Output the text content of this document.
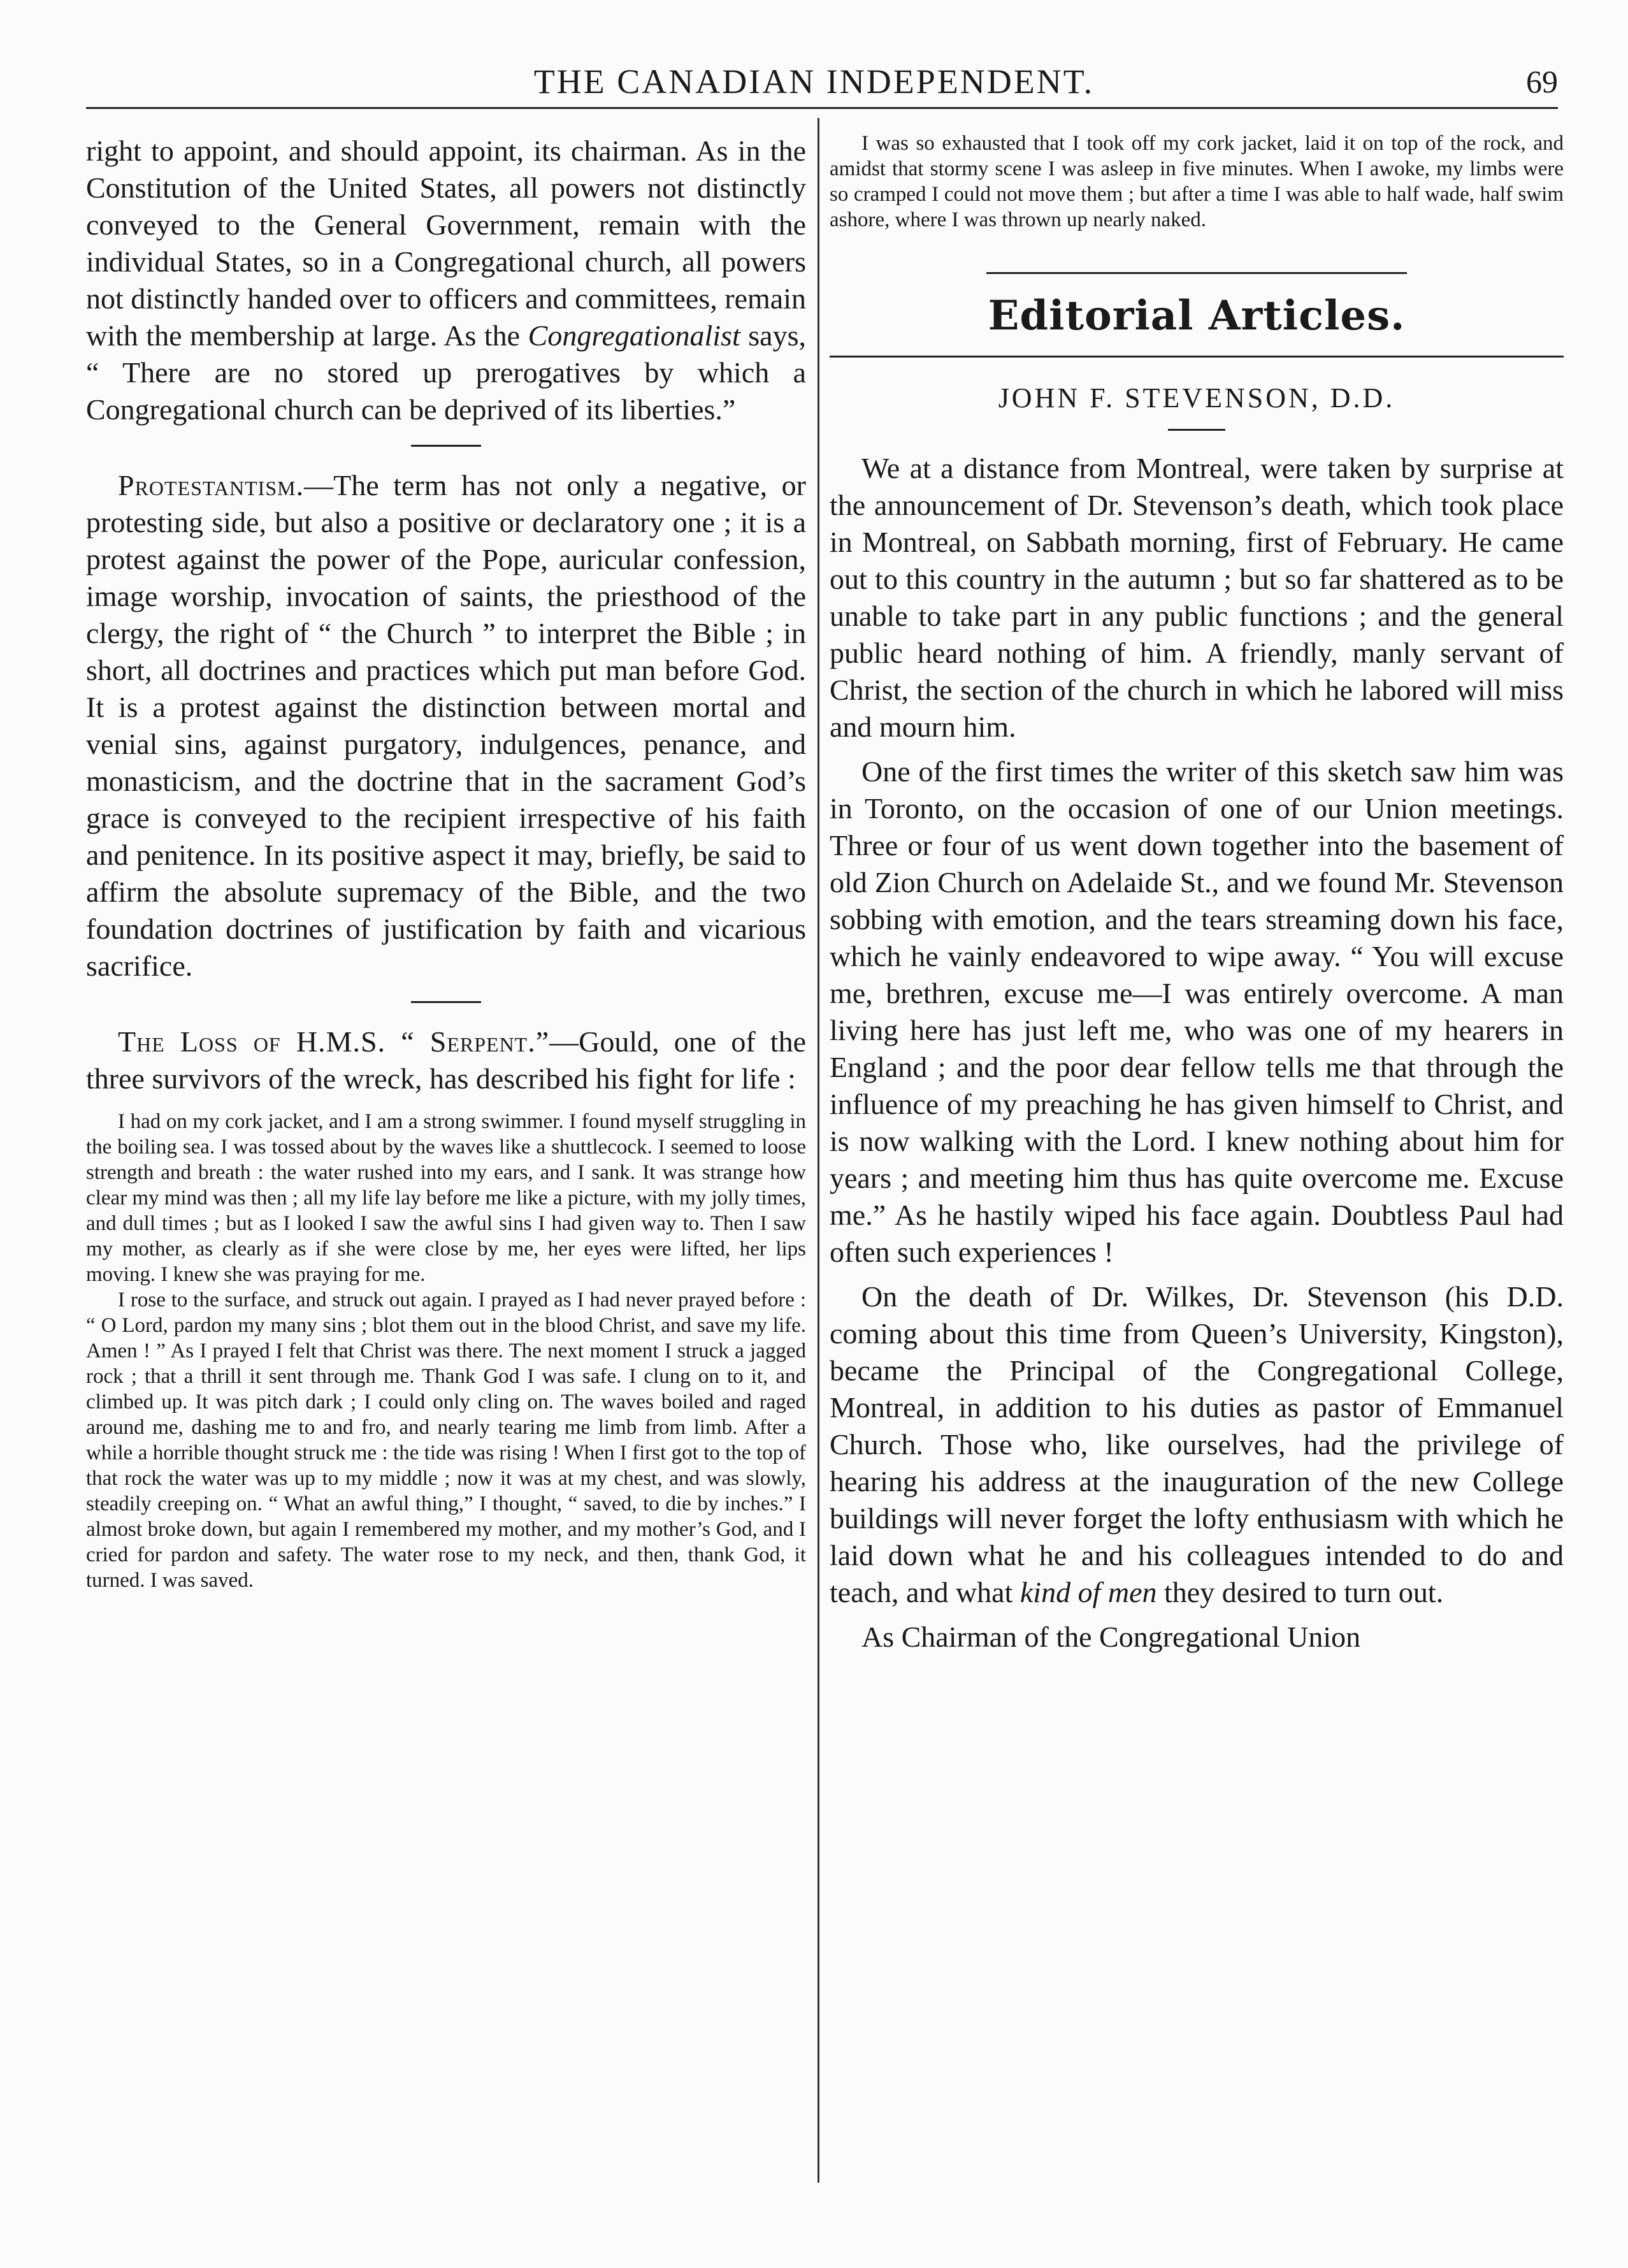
THE CANADIAN INDEPENDENT.	69

right to appoint, and should appoint, its chairman. As in the Constitution of the United States, all powers not distinctly conveyed to the General Government, remain with the individual States, so in a Congregational church, all powers not distinctly handed over to officers and committees, remain with the membership at large. As the Congregationalist says, “ There are no stored up prerogatives by which a Congregational church can be deprived of its liberties.”

Protestantism.—The term has not only a negative, or protesting side, but also a positive or declaratory one ; it is a protest against the power of the Pope, auricular confession, image worship, invocation of saints, the priesthood of the clergy, the right of “ the Church ” to interpret the Bible ; in short, all doctrines and practices which put man before God. It is a protest against the distinction between mortal and venial sins, against purgatory, indulgences, penance, and monasticism, and the doctrine that in the sacrament God’s grace is conveyed to the recipient irrespective of his faith and penitence. In its positive aspect it may, briefly, be said to affirm the absolute supremacy of the Bible, and the two foundation doctrines of justification by faith and vicarious sacrifice.

The Loss of H.M.S. “ Serpent.”—Gould, one of the three survivors of the wreck, has described his fight for life :

I had on my cork jacket, and I am a strong swimmer. I found myself struggling in the boiling sea. I was tossed about by the waves like a shuttlecock. I seemed to loose strength and breath : the water rushed into my ears, and I sank. It was strange how clear my mind was then ; all my life lay before me like a picture, with my jolly times, and dull times ; but as I looked I saw the awful sins I had given way to. Then I saw my mother, as clearly as if she were close by me, her eyes were lifted, her lips moving. I knew she was praying for me.

I rose to the surface, and struck out again. I prayed as I had never prayed before : “ O Lord, pardon my many sins ; blot them out in the blood Christ, and save my life. Amen ! ” As I prayed I felt that Christ was there. The next moment I struck a jagged rock ; that a thrill it sent through me. Thank God I was safe. I clung on to it, and climbed up. It was pitch dark ; I could only cling on. The waves boiled and raged around me, dashing me to and fro, and nearly tearing me limb from limb. After a while a horrible thought struck me : the tide was rising ! When I first got to the top of that rock the water was up to my middle ; now it was at my chest, and was slowly, steadily creeping on. “ What an awful thing,” I thought, “ saved, to die by inches.” I almost broke down, but again I remembered my mother, and my mother’s God, and I cried for pardon and safety. The water rose to my neck, and then, thank God, it turned. I was saved.

I was so exhausted that I took off my cork jacket, laid it on top of the rock, and amidst that stormy scene I was asleep in five minutes. When I awoke, my limbs were so cramped I could not move them ; but after a time I was able to half wade, half swim ashore, where I was thrown up nearly naked.

Editorial Articles.
JOHN F. STEVENSON, D.D.

We at a distance from Montreal, were taken by surprise at the announcement of Dr. Stevenson’s death, which took place in Montreal, on Sabbath morning, first of February. He came out to this country in the autumn ; but so far shattered as to be unable to take part in any public functions ; and the general public heard nothing of him. A friendly, manly servant of Christ, the section of the church in which he labored will miss and mourn him.

One of the first times the writer of this sketch saw him was in Toronto, on the occasion of one of our Union meetings. Three or four of us went down together into the basement of old Zion Church on Adelaide St., and we found Mr. Stevenson sobbing with emotion, and the tears streaming down his face, which he vainly endeavored to wipe away. “ You will excuse me, brethren, excuse me—I was entirely overcome. A man living here has just left me, who was one of my hearers in England ; and the poor dear fellow tells me that through the influence of my preaching he has given himself to Christ, and is now walking with the Lord. I knew nothing about him for years ; and meeting him thus has quite overcome me. Excuse me.” As he hastily wiped his face again. Doubtless Paul had often such experiences !

On the death of Dr. Wilkes, Dr. Stevenson (his D.D. coming about this time from Queen’s University, Kingston), became the Principal of the Congregational College, Montreal, in addition to his duties as pastor of Emmanuel Church. Those who, like ourselves, had the privilege of hearing his address at the inauguration of the new College buildings will never forget the lofty enthusiasm with which he laid down what he and his colleagues intended to do and teach, and what kind of men they desired to turn out.

As Chairman of the Congregational Union
